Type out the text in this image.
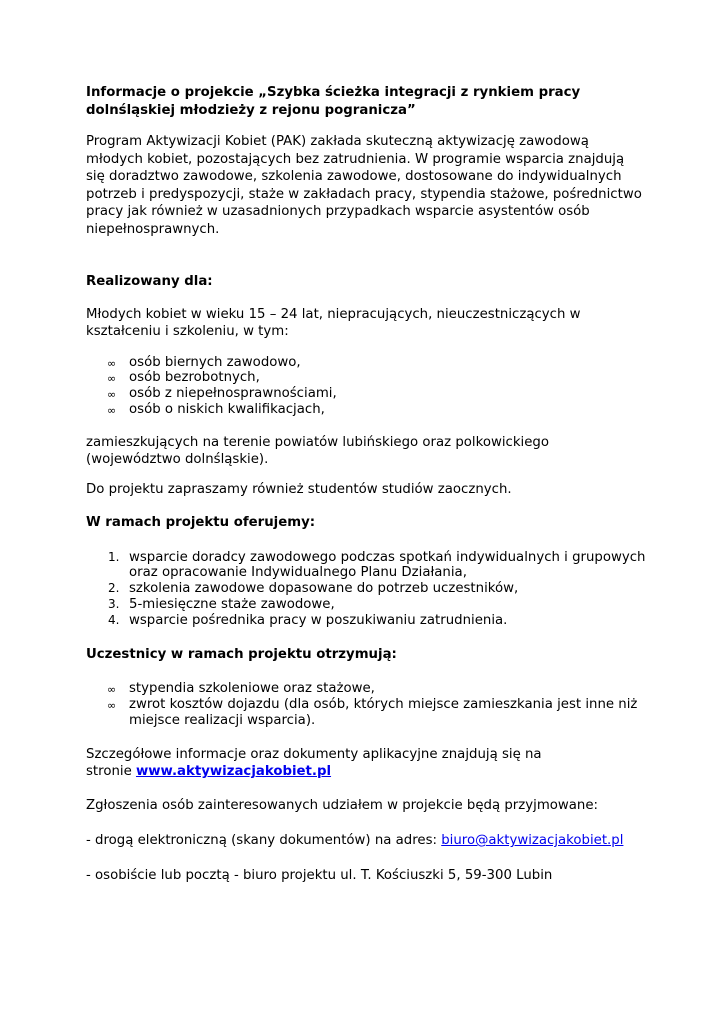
Informacje o projekcie „Szybka ścieżka integracji z rynkiem pracy dolnśląskiej młodzieży z rejonu pogranicza”

Program Aktywizacji Kobiet (PAK) zakłada skuteczną aktywizację zawodową młodych kobiet, pozostających bez zatrudnienia. W programie wsparcia znajdują się doradztwo zawodowe, szkolenia zawodowe, dostosowane do indywidualnych potrzeb i predyspozycji, staże w zakładach pracy, stypendia stażowe, pośrednictwo pracy jak również w uzasadnionych przypadkach wsparcie asystentów osób niepełnosprawnych.

Realizowany dla:

Młodych kobiet w wieku 15 – 24 lat, niepracujących, nieuczestniczących w kształceniu i szkoleniu, w tym:

∞ osób biernych zawodowo,
∞ osób bezrobotnych,
∞ osób z niepełnosprawnościami,
∞ osób o niskich kwalifikacjach,

zamieszkujących na terenie powiatów lubińskiego oraz polkowickiego (województwo dolnśląskie).

Do projektu zapraszamy również studentów studiów zaocznych.

W ramach projektu oferujemy:

1. wsparcie doradcy zawodowego podczas spotkań indywidualnych i grupowych oraz opracowanie Indywidualnego Planu Działania,
2. szkolenia zawodowe dopasowane do potrzeb uczestników,
3. 5-miesięczne staże zawodowe,
4. wsparcie pośrednika pracy w poszukiwaniu zatrudnienia.

Uczestnicy w ramach projektu otrzymują:

∞ stypendia szkoleniowe oraz stażowe,
∞ zwrot kosztów dojazdu (dla osób, których miejsce zamieszkania jest inne niż miejsce realizacji wsparcia).

Szczegółowe informacje oraz dokumenty aplikacyjne znajdują się na
stronie www.aktywizacjakobiet.pl

Zgłoszenia osób zainteresowanych udziałem w projekcie będą przyjmowane:

- drogą elektroniczną (skany dokumentów) na adres: biuro@aktywizacjakobiet.pl

- osobiście lub pocztą - biuro projektu ul. T. Kościuszki 5, 59-300 Lubin
